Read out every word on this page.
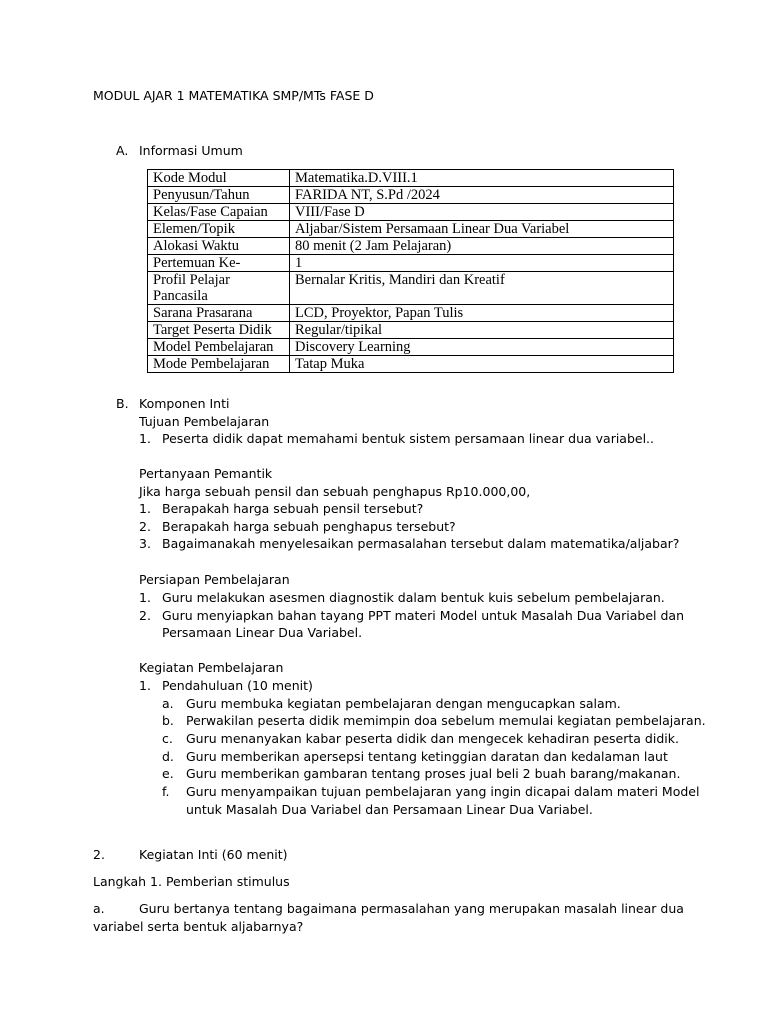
MODUL AJAR 1 MATEMATIKA SMP/MTs FASE D
A. Informasi Umum
Kode Modul	Matematika.D.VIII.1
Penyusun/Tahun	FARIDA NT, S.Pd /2024
Kelas/Fase Capaian	VIII/Fase D
Elemen/Topik	Aljabar/Sistem Persamaan Linear Dua Variabel
Alokasi Waktu	80 menit (2 Jam Pelajaran)
Pertemuan Ke-	1
Profil Pelajar Pancasila	Bernalar Kritis, Mandiri dan Kreatif
Sarana Prasarana	LCD, Proyektor, Papan Tulis
Target Peserta Didik	Regular/tipikal
Model Pembelajaran	Discovery Learning
Mode Pembelajaran	Tatap Muka
B. Komponen Inti
Tujuan Pembelajaran
1. Peserta didik dapat memahami bentuk sistem persamaan linear dua variabel..
Pertanyaan Pemantik
Jika harga sebuah pensil dan sebuah penghapus Rp10.000,00,
1. Berapakah harga sebuah pensil tersebut?
2. Berapakah harga sebuah penghapus tersebut?
3. Bagaimanakah menyelesaikan permasalahan tersebut dalam matematika/aljabar?
Persiapan Pembelajaran
1. Guru melakukan asesmen diagnostik dalam bentuk kuis sebelum pembelajaran.
2. Guru menyiapkan bahan tayang PPT materi Model untuk Masalah Dua Variabel dan
Persamaan Linear Dua Variabel.
Kegiatan Pembelajaran
1. Pendahuluan (10 menit)
a. Guru membuka kegiatan pembelajaran dengan mengucapkan salam.
b. Perwakilan peserta didik memimpin doa sebelum memulai kegiatan pembelajaran.
c. Guru menanyakan kabar peserta didik dan mengecek kehadiran peserta didik.
d. Guru memberikan apersepsi tentang ketinggian daratan dan kedalaman laut
e. Guru memberikan gambaran tentang proses jual beli 2 buah barang/makanan.
f. Guru menyampaikan tujuan pembelajaran yang ingin dicapai dalam materi Model
untuk Masalah Dua Variabel dan Persamaan Linear Dua Variabel.
2.	Kegiatan Inti (60 menit)
Langkah 1. Pemberian stimulus
a.	Guru bertanya tentang bagaimana permasalahan yang merupakan masalah linear dua
variabel serta bentuk aljabarnya?
